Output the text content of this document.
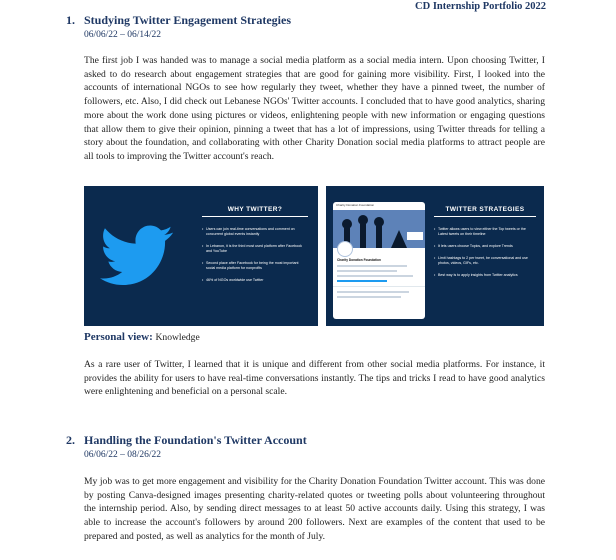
CD Internship Portfolio 2022
1. Studying Twitter Engagement Strategies
06/06/22 – 06/14/22
The first job I was handed was to manage a social media platform as a social media intern. Upon choosing Twitter, I asked to do research about engagement strategies that are good for gaining more visibility. First, I looked into the accounts of international NGOs to see how regularly they tweet, whether they have a pinned tweet, the number of followers, etc. Also, I did check out Lebanese NGOs' Twitter accounts. I concluded that to have good analytics, sharing more about the work done using pictures or videos, enlightening people with new information or engaging questions that allow them to give their opinion, pinning a tweet that has a lot of impressions, using Twitter threads for telling a story about the foundation, and collaborating with other Charity Donation social media platforms to attract people are all tools to improving the Twitter account's reach.
WHY TWITTER?
• Users can join real-time conversations and comment on concurrent global events instantly
• In Lebanon, it is the third most used platform after Facebook and YouTube
• Second place after Facebook for being the most important social media platform for nonprofits
• 46% of NGOs worldwide use Twitter
Charity Donation Foundation
Charity Donation Foundation
TWITTER STRATEGIES
• Twitter allows users to view either the Top tweets or the Latest tweets on their timeline
• It lets users choose Topics, and explore Trends
• Limit hashtags to 2 per tweet, be conversational and use photos, videos, GIFs, etc.
• Best way is to apply insights from Twitter analytics
Personal view: Knowledge
As a rare user of Twitter, I learned that it is unique and different from other social media platforms. For instance, it provides the ability for users to have real-time conversations instantly. The tips and tricks I read to have good analytics were enlightening and beneficial on a personal scale.
2. Handling the Foundation's Twitter Account
06/06/22 – 08/26/22
My job was to get more engagement and visibility for the Charity Donation Foundation Twitter account. This was done by posting Canva-designed images presenting charity-related quotes or tweeting polls about volunteering throughout the internship period. Also, by sending direct messages to at least 50 active accounts daily. Using this strategy, I was able to increase the account's followers by around 200 followers. Next are examples of the content that used to be prepared and posted, as well as analytics for the month of July.
